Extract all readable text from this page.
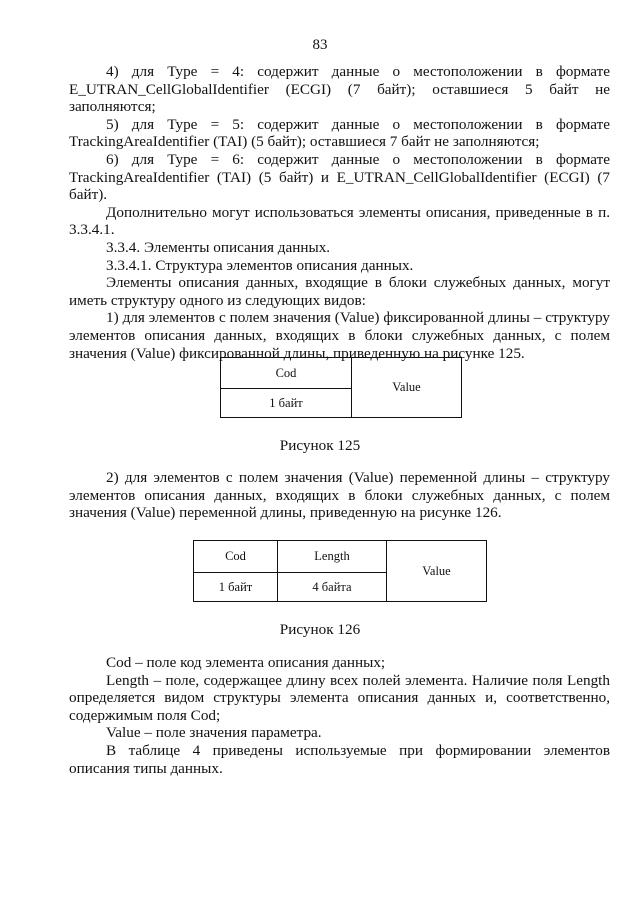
83

4) для Type = 4: содержит данные о местоположении в формате E_UTRAN_CellGlobalIdentifier (ECGI) (7 байт); оставшиеся 5 байт не заполняются;

5) для Type = 5: содержит данные о местоположении в формате TrackingAreaIdentifier (TAI) (5 байт); оставшиеся 7 байт не заполняются;

6) для Type = 6: содержит данные о местоположении в формате TrackingAreaIdentifier (TAI) (5 байт) и E_UTRAN_CellGlobalIdentifier (ECGI) (7 байт).

Дополнительно могут использоваться элементы описания, приведенные в п. 3.3.4.1.

3.3.4. Элементы описания данных.

3.3.4.1. Структура элементов описания данных.

Элементы описания данных, входящие в блоки служебных данных, могут иметь структуру одного из следующих видов:

1) для элементов с полем значения (Value) фиксированной длины – структуру элементов описания данных, входящих в блоки служебных данных, с полем значения (Value) фиксированной длины, приведенную на рисунке 125.

Cod	Value
1 байт
Рисунок 125

2) для элементов с полем значения (Value) переменной длины – структуру элементов описания данных, входящих в блоки служебных данных, с полем значения (Value) переменной длины, приведенную на рисунке 126.

Cod	Length	Value
1 байт	4 байта	
Рисунок 126

Cod – поле код элемента описания данных;

Length – поле, содержащее длину всех полей элемента. Наличие поля Length определяется видом структуры элемента описания данных и, соответственно, содержимым поля Cod;

Value – поле значения параметра.

В таблице 4 приведены используемые при формировании элементов описания типы данных.
